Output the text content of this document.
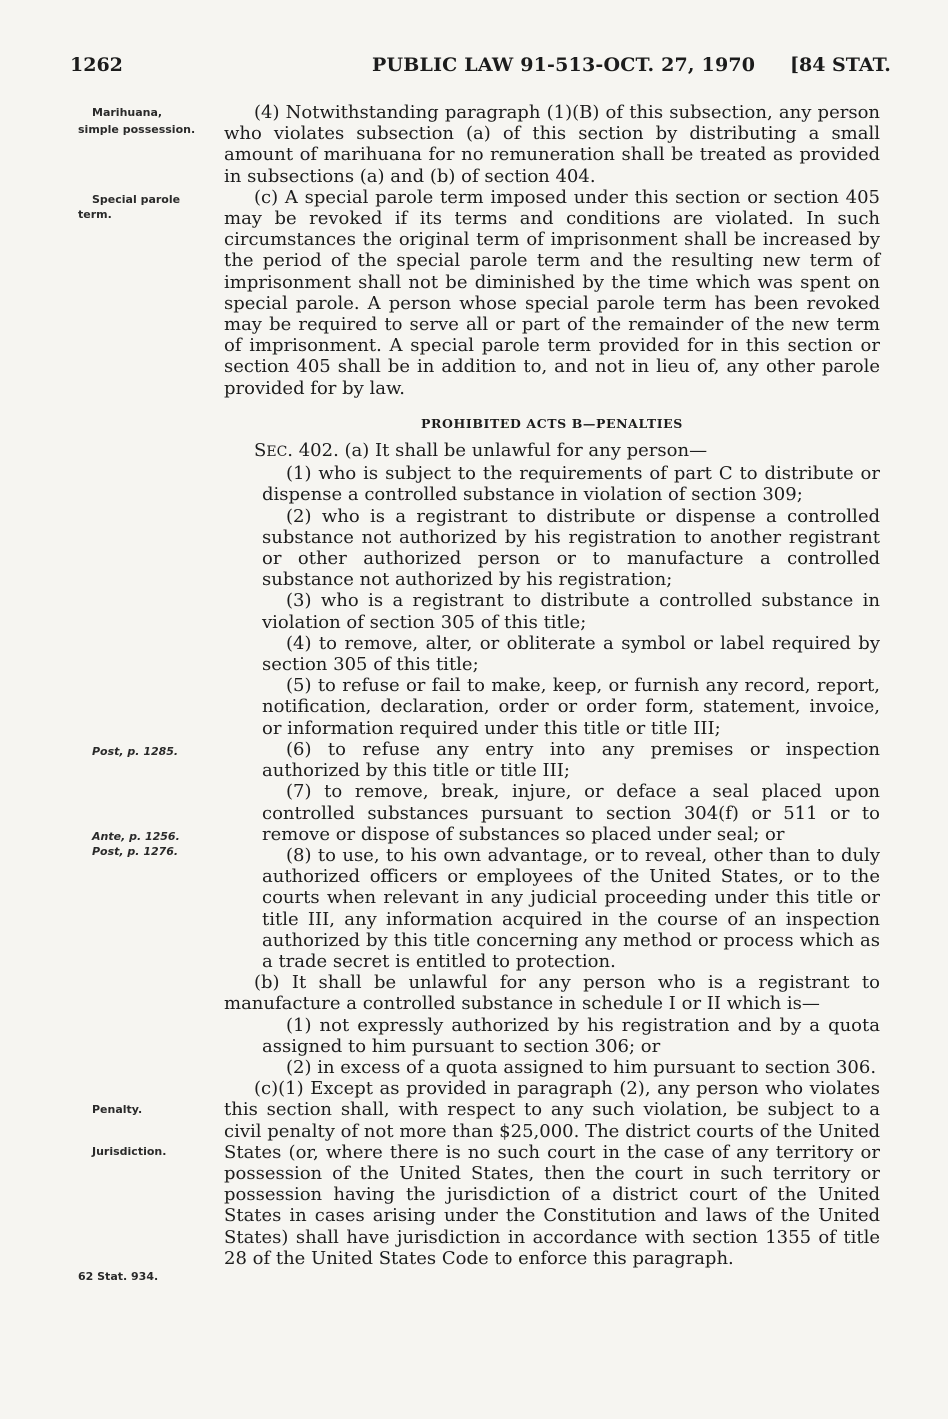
1262	PUBLIC LAW 91-513-OCT. 27, 1970 [84 STAT.
Marihuana,
simple possession.
Special parole
term.
Post, p. 1285.
Ante, p. 1256.
Post, p. 1276.
Penalty.
Jurisdiction.
62 Stat. 934.

(4) Notwithstanding paragraph (1)(B) of this subsection, any person who violates subsection (a) of this section by distributing a small amount of marihuana for no remuneration shall be treated as provided in subsections (a) and (b) of section 404.

(c) A special parole term imposed under this section or section 405 may be revoked if its terms and conditions are violated. In such circumstances the original term of imprisonment shall be increased by the period of the special parole term and the resulting new term of imprisonment shall not be diminished by the time which was spent on special parole. A person whose special parole term has been revoked may be required to serve all or part of the remainder of the new term of imprisonment. A special parole term provided for in this section or section 405 shall be in addition to, and not in lieu of, any other parole provided for by law.

PROHIBITED ACTS B—PENALTIES

SEC. 402. (a) It shall be unlawful for any person—

(1) who is subject to the requirements of part C to distribute or dispense a controlled substance in violation of section 309;

(2) who is a registrant to distribute or dispense a controlled substance not authorized by his registration to another registrant or other authorized person or to manufacture a controlled substance not authorized by his registration;

(3) who is a registrant to distribute a controlled substance in violation of section 305 of this title;

(4) to remove, alter, or obliterate a symbol or label required by section 305 of this title;

(5) to refuse or fail to make, keep, or furnish any record, report, notification, declaration, order or order form, statement, invoice, or information required under this title or title III;

(6) to refuse any entry into any premises or inspection authorized by this title or title III;

(7) to remove, break, injure, or deface a seal placed upon controlled substances pursuant to section 304(f) or 511 or to remove or dispose of substances so placed under seal; or

(8) to use, to his own advantage, or to reveal, other than to duly authorized officers or employees of the United States, or to the courts when relevant in any judicial proceeding under this title or title III, any information acquired in the course of an inspection authorized by this title concerning any method or process which as a trade secret is entitled to protection.

(b) It shall be unlawful for any person who is a registrant to manufacture a controlled substance in schedule I or II which is—

(1) not expressly authorized by his registration and by a quota assigned to him pursuant to section 306; or

(2) in excess of a quota assigned to him pursuant to section 306.

(c)(1) Except as provided in paragraph (2), any person who violates this section shall, with respect to any such violation, be subject to a civil penalty of not more than $25,000. The district courts of the United States (or, where there is no such court in the case of any territory or possession of the United States, then the court in such territory or possession having the jurisdiction of a district court of the United States in cases arising under the Constitution and laws of the United States) shall have jurisdiction in accordance with section 1355 of title 28 of the United States Code to enforce this paragraph.
